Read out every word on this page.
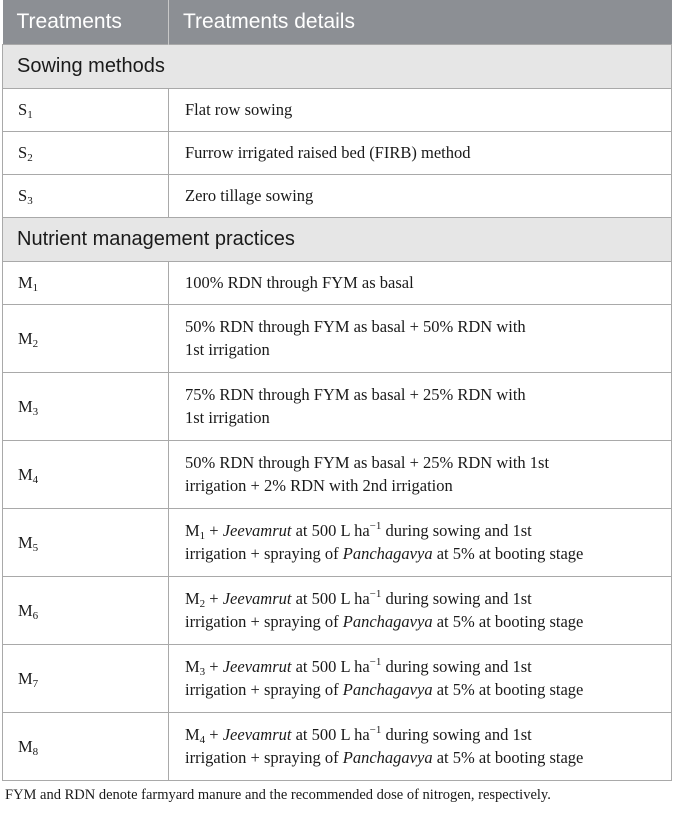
Treatments	Treatments details
Sowing methods	
$S_1$	Flat row sowing
$S_2$	Furrow irrigated raised bed (FIRB) method
$S_3$	Zero tillage sowing
Nutrient management practices	
$M_1$	100% RDN through FYM as basal
$M_2$	50% RDN through FYM as basal + 50% RDN with
1st irrigation
$M_3$	75% RDN through FYM as basal + 25% RDN with
1st irrigation
$M_4$	50% RDN through FYM as basal + 25% RDN with 1st
irrigation + 2% RDN with 2nd irrigation
$M_5$	$M_1$ + Jeevamrut at 500 L $ha^{-1}$ during sowing and 1st
irrigation + spraying of Panchagavya at 5% at booting stage
$M_6$	$M_2$ + Jeevamrut at 500 L $ha^{-1}$ during sowing and 1st
irrigation + spraying of Panchagavya at 5% at booting stage
$M_7$	$M_3$ + Jeevamrut at 500 L $ha^{-1}$ during sowing and 1st
irrigation + spraying of Panchagavya at 5% at booting stage
$M_8$	$M_4$ + Jeevamrut at 500 L $ha^{-1}$ during sowing and 1st
irrigation + spraying of Panchagavya at 5% at booting stage
FYM and RDN denote farmyard manure and the recommended dose of nitrogen, respectively.
